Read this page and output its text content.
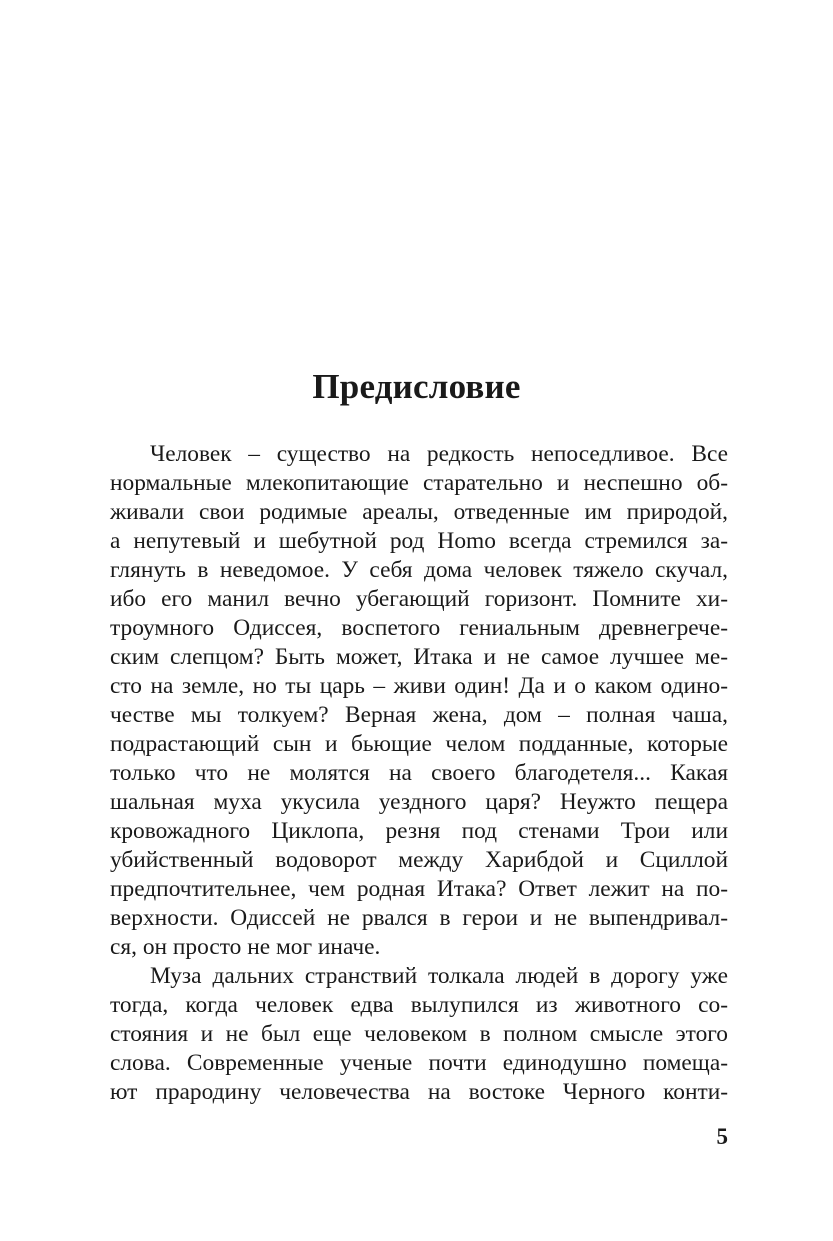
Предисловие
Человек – существо на редкость непоседливое. Все
нормальные млекопитающие старательно и неспешно об-
живали свои родимые ареалы, отведенные им природой,
а непутевый и шебутной род Homo всегда стремился за-
глянуть в неведомое. У себя дома человек тяжело скучал,
ибо его манил вечно убегающий горизонт. Помните хи-
троумного Одиссея, воспетого гениальным древнегрече-
ским слепцом? Быть может, Итака и не самое лучшее ме-
сто на земле, но ты царь – живи один! Да и о каком одино-
честве мы толкуем? Верная жена, дом – полная чаша,
подрастающий сын и бьющие челом подданные, которые
только что не молятся на своего благодетеля... Какая
шальная муха укусила уездного царя? Неужто пещера
кровожадного Циклопа, резня под стенами Трои или
убийственный водоворот между Харибдой и Сциллой
предпочтительнее, чем родная Итака? Ответ лежит на по-
верхности. Одиссей не рвался в герои и не выпендривал-
ся, он просто не мог иначе.
Муза дальних странствий толкала людей в дорогу уже
тогда, когда человек едва вылупился из животного со-
стояния и не был еще человеком в полном смысле этого
слова. Современные ученые почти единодушно помеща-
ют прародину человечества на востоке Черного конти-
5
